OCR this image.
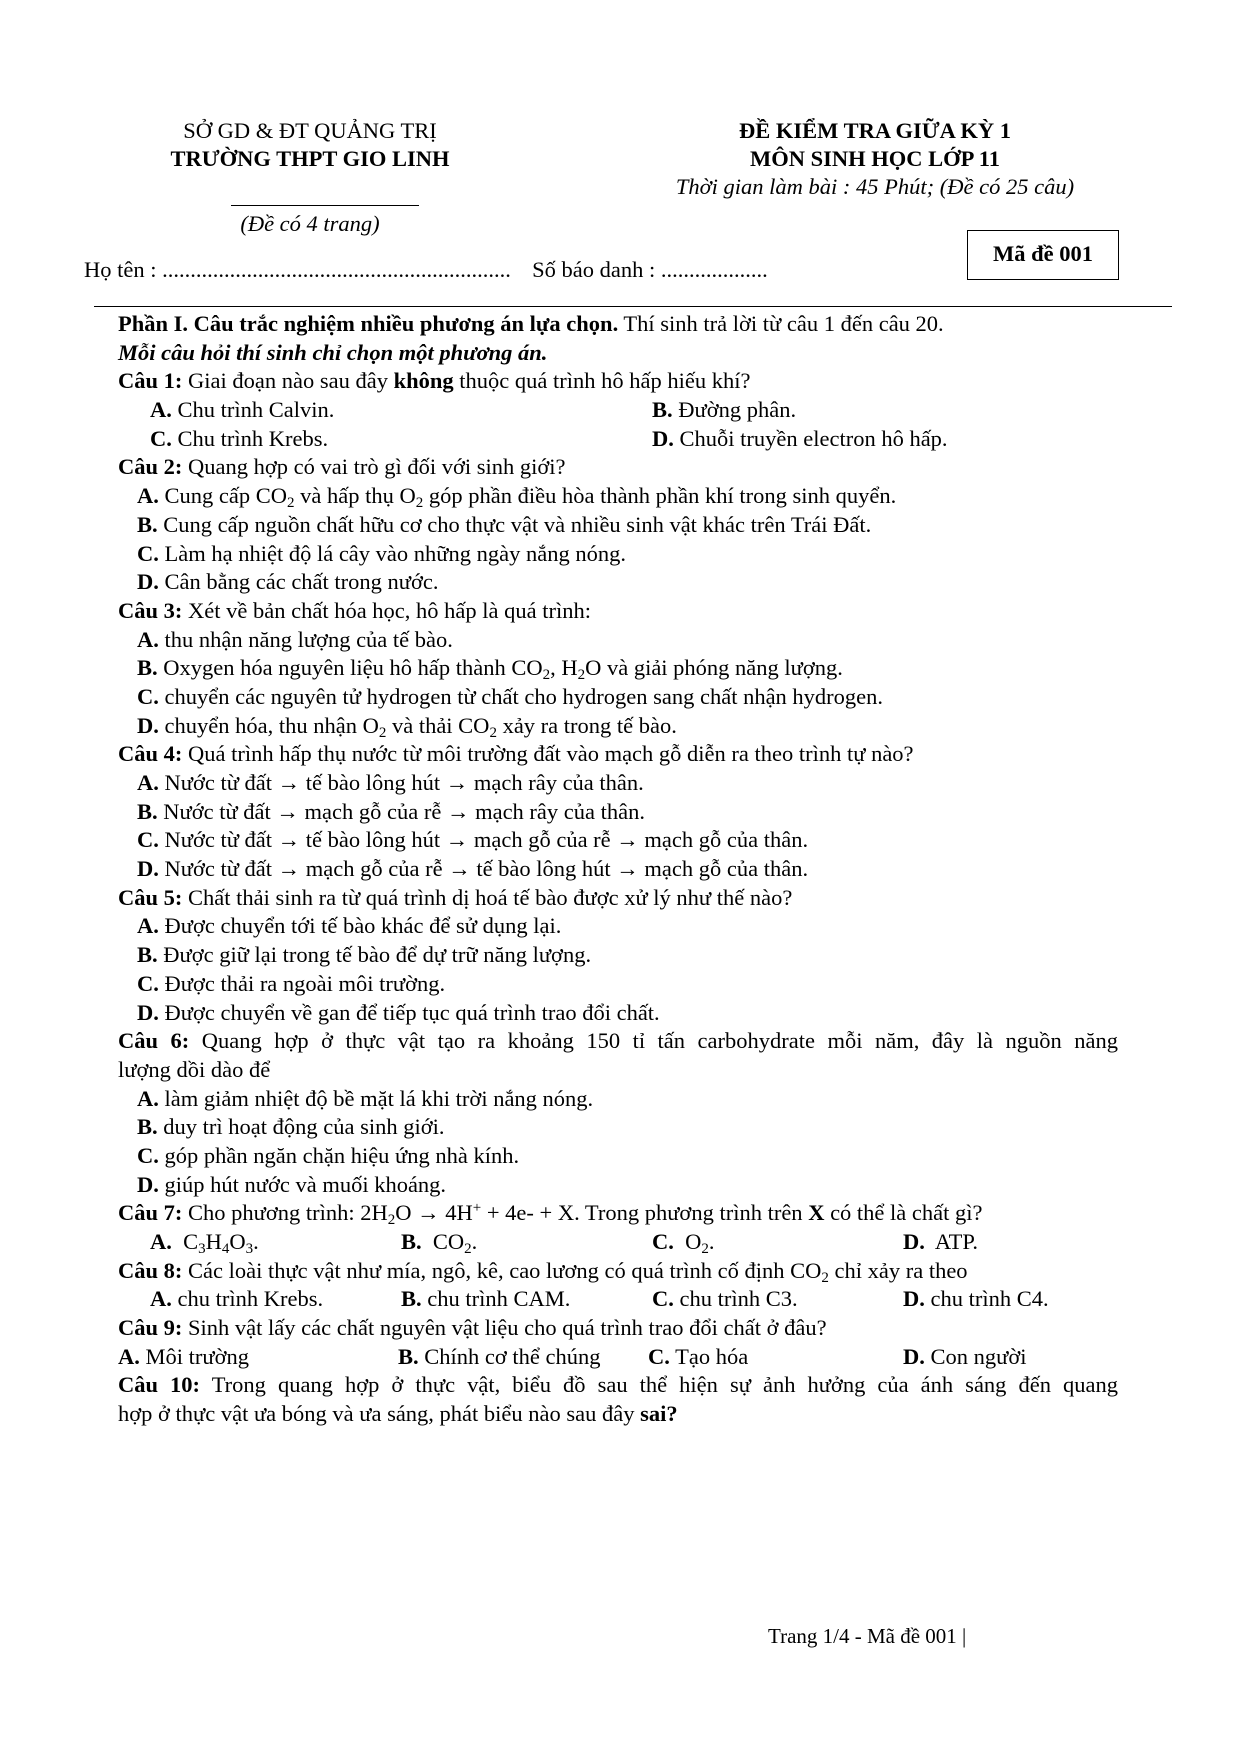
SỞ GD & ĐT QUẢNG TRỊ
TRƯỜNG THPT GIO LINH
(Đề có 4 trang)
ĐỀ KIỂM TRA GIỮA KỲ 1
MÔN SINH HỌC LỚP 11
Thời gian làm bài : 45 Phút; (Đề có 25 câu)
Mã đề 001
Họ tên : .............................................................. Số báo danh : ...................
Phần I. Câu trắc nghiệm nhiều phương án lựa chọn. Thí sinh trả lời từ câu 1 đến câu 20.
Mỗi câu hỏi thí sinh chỉ chọn một phương án.
Câu 1: Giai đoạn nào sau đây không thuộc quá trình hô hấp hiếu khí?
A. Chu trình Calvin.	B. Đường phân.
C. Chu trình Krebs.	D. Chuỗi truyền electron hô hấp.
Câu 2: Quang hợp có vai trò gì đối với sinh giới?
A. Cung cấp $CO_2$ và hấp thụ $O_2$ góp phần điều hòa thành phần khí trong sinh quyển.
B. Cung cấp nguồn chất hữu cơ cho thực vật và nhiều sinh vật khác trên Trái Đất.
C. Làm hạ nhiệt độ lá cây vào những ngày nắng nóng.
D. Cân bằng các chất trong nước.
Câu 3: Xét về bản chất hóa học, hô hấp là quá trình:
A. thu nhận năng lượng của tế bào.
B. Oxygen hóa nguyên liệu hô hấp thành $CO_2$, $H_2O$ và giải phóng năng lượng.
C. chuyển các nguyên tử hydrogen từ chất cho hydrogen sang chất nhận hydrogen.
D. chuyển hóa, thu nhận $O_2$ và thải $CO_2$ xảy ra trong tế bào.
Câu 4: Quá trình hấp thụ nước từ môi trường đất vào mạch gỗ diễn ra theo trình tự nào?
A. Nước từ đất → tế bào lông hút → mạch rây của thân.
B. Nước từ đất → mạch gỗ của rễ → mạch rây của thân.
C. Nước từ đất → tế bào lông hút → mạch gỗ của rễ → mạch gỗ của thân.
D. Nước từ đất → mạch gỗ của rễ → tế bào lông hút → mạch gỗ của thân.
Câu 5: Chất thải sinh ra từ quá trình dị hoá tế bào được xử lý như thế nào?
A. Được chuyển tới tế bào khác để sử dụng lại.
B. Được giữ lại trong tế bào để dự trữ năng lượng.
C. Được thải ra ngoài môi trường.
D. Được chuyển về gan để tiếp tục quá trình trao đổi chất.
Câu 6: Quang hợp ở thực vật tạo ra khoảng 150 tỉ tấn carbohydrate mỗi năm, đây là nguồn năng
lượng dồi dào để
A. làm giảm nhiệt độ bề mặt lá khi trời nắng nóng.
B. duy trì hoạt động của sinh giới.
C. góp phần ngăn chặn hiệu ứng nhà kính.
D. giúp hút nước và muối khoáng.
Câu 7: Cho phương trình: $2H_2O \to 4H^+ + 4e- + X$. Trong phương trình trên X có thể là chất gì?
A.  $C_3H_4O_3$.	B.  $CO_2$.	C.  $O_2$.	D.  ATP.
Câu 8: Các loài thực vật như mía, ngô, kê, cao lương có quá trình cố định $CO_2$ chỉ xảy ra theo
A. chu trình Krebs.	B. chu trình CAM.	C. chu trình C3.	D. chu trình C4.
Câu 9: Sinh vật lấy các chất nguyên vật liệu cho quá trình trao đổi chất ở đâu?
A. Môi trường	B. Chính cơ thể chúng C. Tạo hóa	D. Con người
Câu 10: Trong quang hợp ở thực vật, biểu đồ sau thể hiện sự ảnh hưởng của ánh sáng đến quang
hợp ở thực vật ưa bóng và ưa sáng, phát biểu nào sau đây sai?
Trang 1/4 - Mã đề 001 |
